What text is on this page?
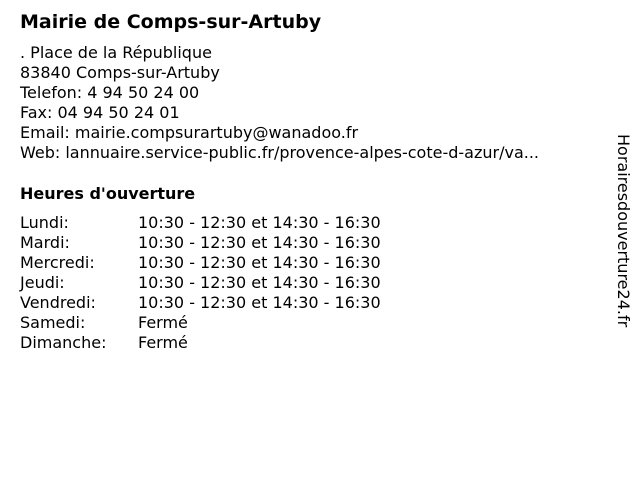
Mairie de Comps-sur-Artuby
. Place de la République
83840 Comps-sur-Artuby
Telefon: 4 94 50 24 00
Fax: 04 94 50 24 01
Email: mairie.compsurartuby@wanadoo.fr
Web: lannuaire.service-public.fr/provence-alpes-cote-d-azur/va...
Heures d'ouverture
Lundi:	10:30 - 12:30 et 14:30 - 16:30
Mardi:	10:30 - 12:30 et 14:30 - 16:30
Mercredi:	10:30 - 12:30 et 14:30 - 16:30
Jeudi:	10:30 - 12:30 et 14:30 - 16:30
Vendredi:	10:30 - 12:30 et 14:30 - 16:30
Samedi:	Fermé
Dimanche:	Fermé
Horairesdouverture24.fr
